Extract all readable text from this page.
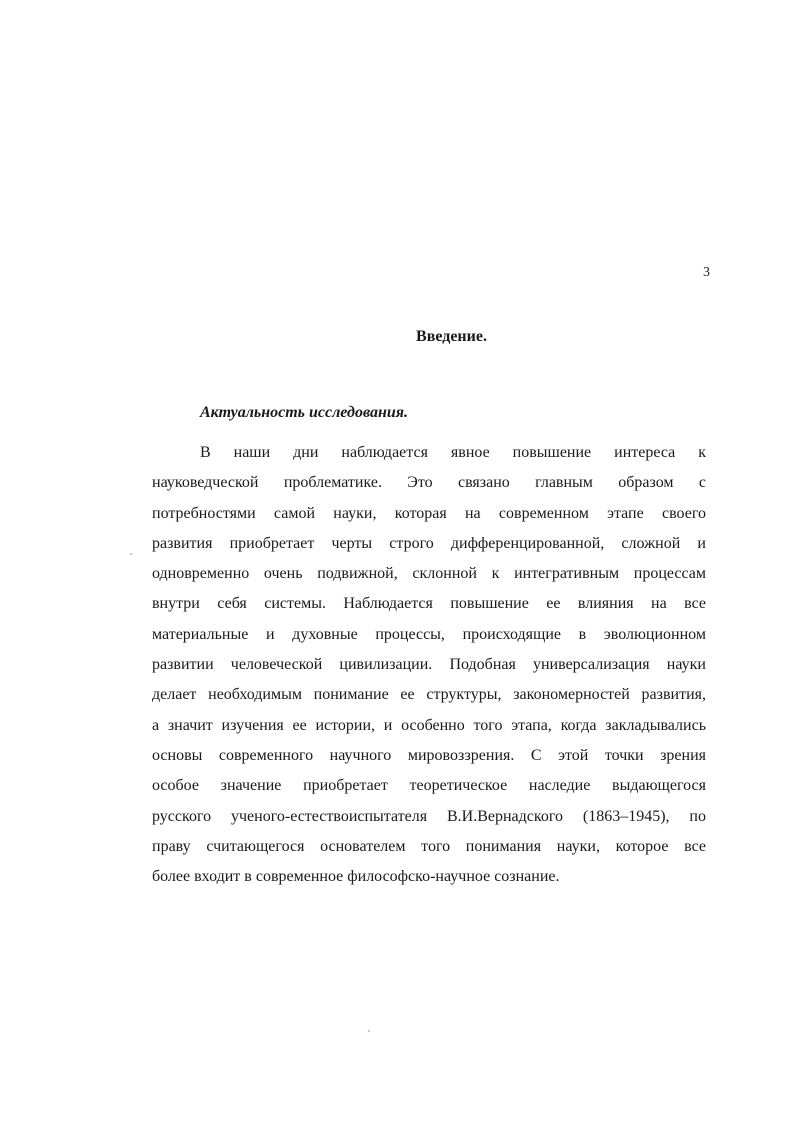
3
Введение.
Актуальность исследования.
В наши дни наблюдается явное повышение интереса к
науковедческой проблематике. Это связано главным образом с
потребностями самой науки, которая на современном этапе своего
развития приобретает черты строго дифференцированной, сложной и
одновременно очень подвижной, склонной к интегративным процессам
внутри себя системы. Наблюдается повышение ее влияния на все
материальные и духовные процессы, происходящие в эволюционном
развитии человеческой цивилизации. Подобная универсализация науки
делает необходимым понимание ее структуры, закономерностей развития,
а значит изучения ее истории, и особенно того этапа, когда закладывались
основы современного научного мировоззрения. С этой точки зрения
особое значение приобретает теоретическое наследие выдающегося
русского ученого-естествоиспытателя В.И.Вернадского (1863–1945), по
праву считающегося основателем того понимания науки, которое все
более входит в современное философско-научное сознание.
